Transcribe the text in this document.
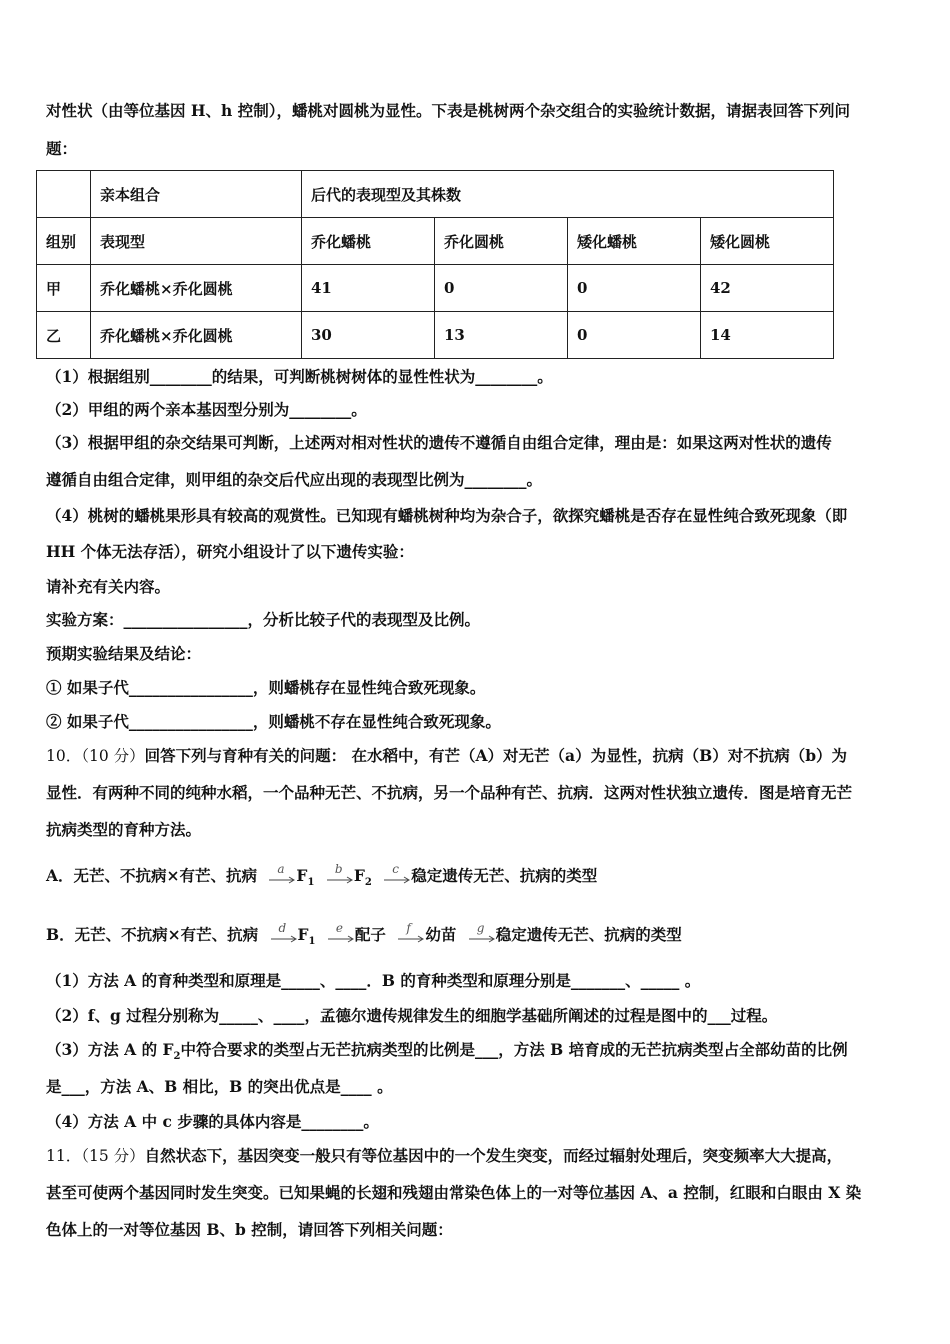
对性状（由等位基因 H、h 控制），蟠桃对圆桃为显性。下表是桃树两个杂交组合的实验统计数据，请据表回答下列问
题：
	亲本组合	后代的表现型及其株数			
组别	表现型	乔化蟠桃	乔化圆桃	矮化蟠桃	矮化圆桃
甲	乔化蟠桃×乔化圆桃	41	0	0	42
乙	乔化蟠桃×乔化圆桃	30	13	0	14
（1）根据组别________的结果，可判断桃树树体的显性性状为________。
（2）甲组的两个亲本基因型分别为________。
（3）根据甲组的杂交结果可判断，上述两对相对性状的遗传不遵循自由组合定律，理由是：如果这两对性状的遗传
遵循自由组合定律，则甲组的杂交后代应出现的表现型比例为________。
（4）桃树的蟠桃果形具有较高的观赏性。已知现有蟠桃树种均为杂合子，欲探究蟠桃是否存在显性纯合致死现象（即
HH 个体无法存活），研究小组设计了以下遗传实验：
请补充有关内容。
实验方案：________________，分析比较子代的表现型及比例。
预期实验结果及结论：
① 如果子代________________，则蟠桃存在显性纯合致死现象。
② 如果子代________________，则蟠桃不存在显性纯合致死现象。
10．（10 分）回答下列与育种有关的问题： 在水稻中，有芒（A）对无芒（a）为显性，抗病（B）对不抗病（b）为
显性．有两种不同的纯种水稻，一个品种无芒、不抗病，另一个品种有芒、抗病．这两对性状独立遗传．图是培育无芒
抗病类型的育种方法。
A．无芒、不抗病×有芒、抗病 a $F_1$
b $F_2$
c 稳定遗传无芒、抗病的类型
B．无芒、不抗病×有芒、抗病 d $F_1$
e 配子 f 幼苗 g 稳定遗传无芒、抗病的类型
（1）方法 A 的育种类型和原理是_____、____．B 的育种类型和原理分别是_______、_____ 。
（2）f、g 过程分别称为_____、____，孟德尔遗传规律发生的细胞学基础所阐述的过程是图中的___过程。
（3）方法 A 的 $F_2$中符合要求的类型占无芒抗病类型的比例是___，方法 B 培育成的无芒抗病类型占全部幼苗的比例
是___，方法 A、B 相比，B 的突出优点是____ 。
（4）方法 A 中 c 步骤的具体内容是________。
11．（15 分）自然状态下，基因突变一般只有等位基因中的一个发生突变，而经过辐射处理后，突变频率大大提高，
甚至可使两个基因同时发生突变。已知果蝇的长翅和残翅由常染色体上的一对等位基因 A、a 控制，红眼和白眼由 X 染
色体上的一对等位基因 B、b 控制，请回答下列相关问题：
